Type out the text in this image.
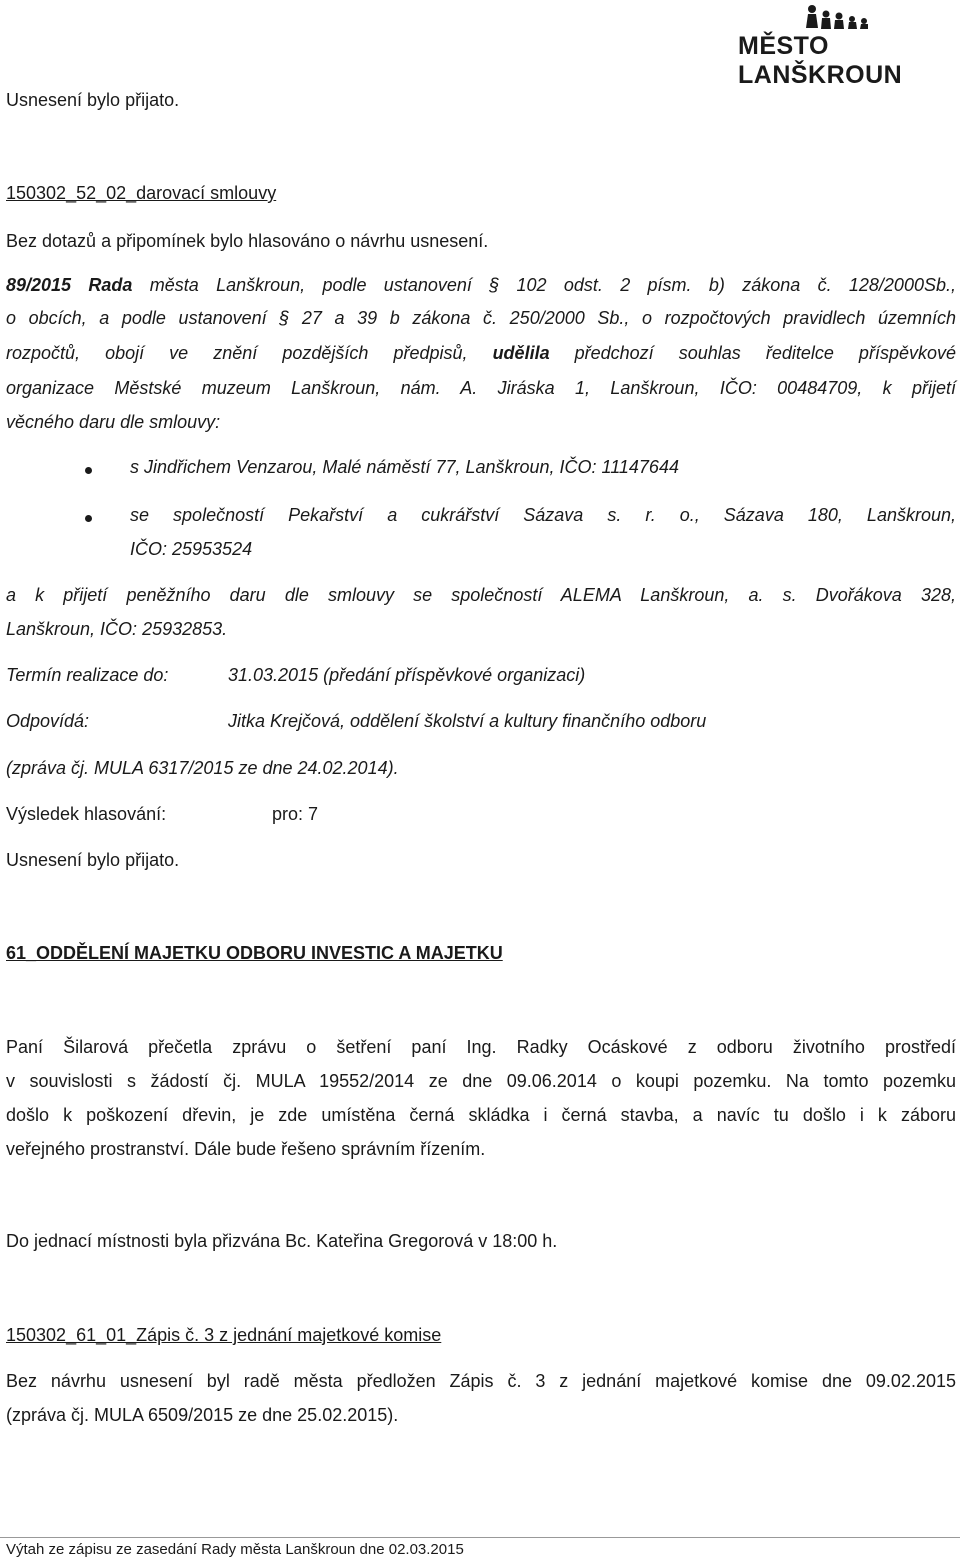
MĚSTO LANŠKROUN
Usnesení bylo přijato.
150302_52_02_darovací smlouvy
Bez dotazů a připomínek bylo hlasováno o návrhu usnesení.
89/2015 Rada města Lanškroun, podle ustanovení § 102 odst. 2 písm. b) zákona č. 128/2000Sb.,
o obcích, a podle ustanovení § 27 a 39 b zákona č. 250/2000 Sb., o rozpočtových pravidlech územních
rozpočtů, obojí ve znění pozdějších předpisů, udělila předchozí souhlas ředitelce příspěvkové
organizace Městské muzeum Lanškroun, nám. A. Jiráska 1, Lanškroun, IČO: 00484709, k přijetí
věcného daru dle smlouvy:
s Jindřichem Venzarou, Malé náměstí 77, Lanškroun, IČO: 11147644
se společností Pekařství a cukrářství Sázava s. r. o., Sázava 180, Lanškroun,
IČO: 25953524
a k přijetí peněžního daru dle smlouvy se společností ALEMA Lanškroun, a. s. Dvořákova 328,
Lanškroun, IČO: 25932853.
Termín realizace do:	31.03.2015 (předání příspěvkové organizaci)
Odpovídá:	Jitka Krejčová, oddělení školství a kultury finančního odboru
(zpráva čj. MULA 6317/2015 ze dne 24.02.2014).
Výsledek hlasování:	pro: 7
Usnesení bylo přijato.
61_ODDĚLENÍ MAJETKU ODBORU INVESTIC A MAJETKU
Paní Šilarová přečetla zprávu o šetření paní Ing. Radky Ocáskové z odboru životního prostředí
v souvislosti s žádostí čj. MULA 19552/2014 ze dne 09.06.2014 o koupi pozemku. Na tomto pozemku
došlo k poškození dřevin, je zde umístěna černá skládka i černá stavba, a navíc tu došlo i k záboru
veřejného prostranství. Dále bude řešeno správním řízením.
Do jednací místnosti byla přizvána Bc. Kateřina Gregorová v 18:00 h.
150302_61_01_Zápis č. 3 z jednání majetkové komise
Bez návrhu usnesení byl radě města předložen Zápis č. 3 z jednání majetkové komise dne 09.02.2015
(zpráva čj. MULA 6509/2015 ze dne 25.02.2015).
Výtah ze zápisu ze zasedání Rady města Lanškroun dne 02.03.2015
